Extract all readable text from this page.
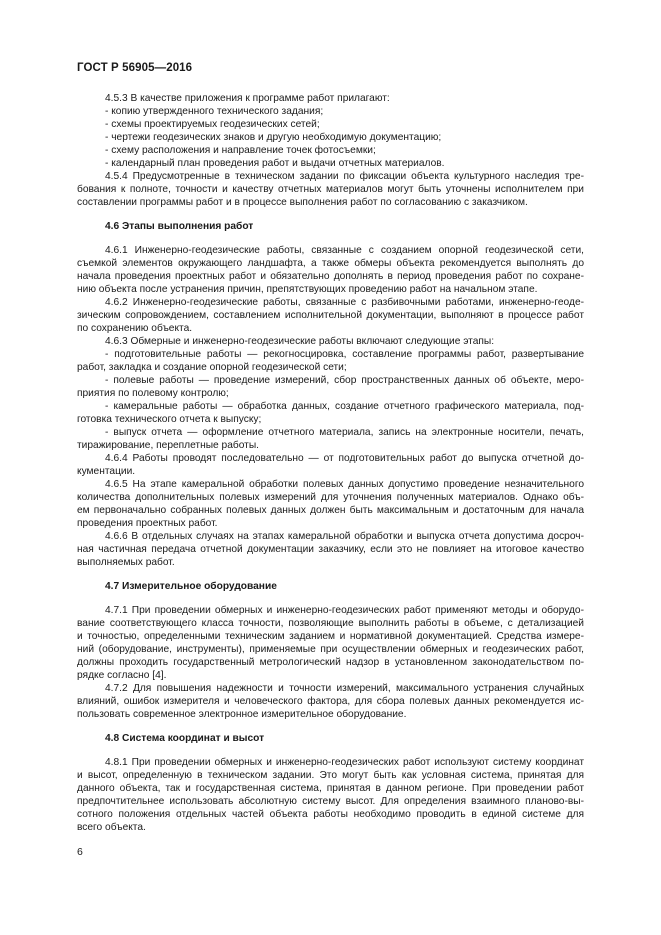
ГОСТ Р 56905—2016
4.5.3 В качестве приложения к программе работ прилагают:
- копию утвержденного технического задания;
- схемы проектируемых геодезических сетей;
- чертежи геодезических знаков и другую необходимую документацию;
- схему расположения и направление точек фотосъемки;
- календарный план проведения работ и выдачи отчетных материалов.
4.5.4 Предусмотренные в техническом задании по фиксации объекта культурного наследия тре-
бования к полноте, точности и качеству отчетных материалов могут быть уточнены исполнителем при
составлении программы работ и в процессе выполнения работ по согласованию с заказчиком.
4.6 Этапы выполнения работ
4.6.1 Инженерно-геодезические работы, связанные с созданием опорной геодезической сети,
съемкой элементов окружающего ландшафта, а также обмеры объекта рекомендуется выполнять до
начала проведения проектных работ и обязательно дополнять в период проведения работ по сохране-
нию объекта после устранения причин, препятствующих проведению работ на начальном этапе.
4.6.2 Инженерно-геодезические работы, связанные с разбивочными работами, инженерно-геоде-
зическим сопровождением, составлением исполнительной документации, выполняют в процессе работ
по сохранению объекта.
4.6.3 Обмерные и инженерно-геодезические работы включают следующие этапы:
- подготовительные работы — рекогносцировка, составление программы работ, развертывание
работ, закладка и создание опорной геодезической сети;
- полевые работы — проведение измерений, сбор пространственных данных об объекте, меро-
приятия по полевому контролю;
- камеральные работы — обработка данных, создание отчетного графического материала, под-
готовка технического отчета к выпуску;
- выпуск отчета — оформление отчетного материала, запись на электронные носители, печать,
тиражирование, переплетные работы.
4.6.4 Работы проводят последовательно — от подготовительных работ до выпуска отчетной до-
кументации.
4.6.5 На этапе камеральной обработки полевых данных допустимо проведение незначительного
количества дополнительных полевых измерений для уточнения полученных материалов. Однако объ-
ем первоначально собранных полевых данных должен быть максимальным и достаточным для начала
проведения проектных работ.
4.6.6 В отдельных случаях на этапах камеральной обработки и выпуска отчета допустима досроч-
ная частичная передача отчетной документации заказчику, если это не повлияет на итоговое качество
выполняемых работ.
4.7 Измерительное оборудование
4.7.1 При проведении обмерных и инженерно-геодезических работ применяют методы и оборудо-
вание соответствующего класса точности, позволяющие выполнить работы в объеме, с детализацией
и точностью, определенными техническим заданием и нормативной документацией. Средства измере-
ний (оборудование, инструменты), применяемые при осуществлении обмерных и геодезических работ,
должны проходить государственный метрологический надзор в установленном законодательством по-
рядке согласно [4].
4.7.2 Для повышения надежности и точности измерений, максимального устранения случайных
влияний, ошибок измерителя и человеческого фактора, для сбора полевых данных рекомендуется ис-
пользовать современное электронное измерительное оборудование.
4.8 Система координат и высот
4.8.1 При проведении обмерных и инженерно-геодезических работ используют систему координат
и высот, определенную в техническом задании. Это могут быть как условная система, принятая для
данного объекта, так и государственная система, принятая в данном регионе. При проведении работ
предпочтительнее использовать абсолютную систему высот. Для определения взаимного планово-вы-
сотного положения отдельных частей объекта работы необходимо проводить в единой системе для
всего объекта.
6
